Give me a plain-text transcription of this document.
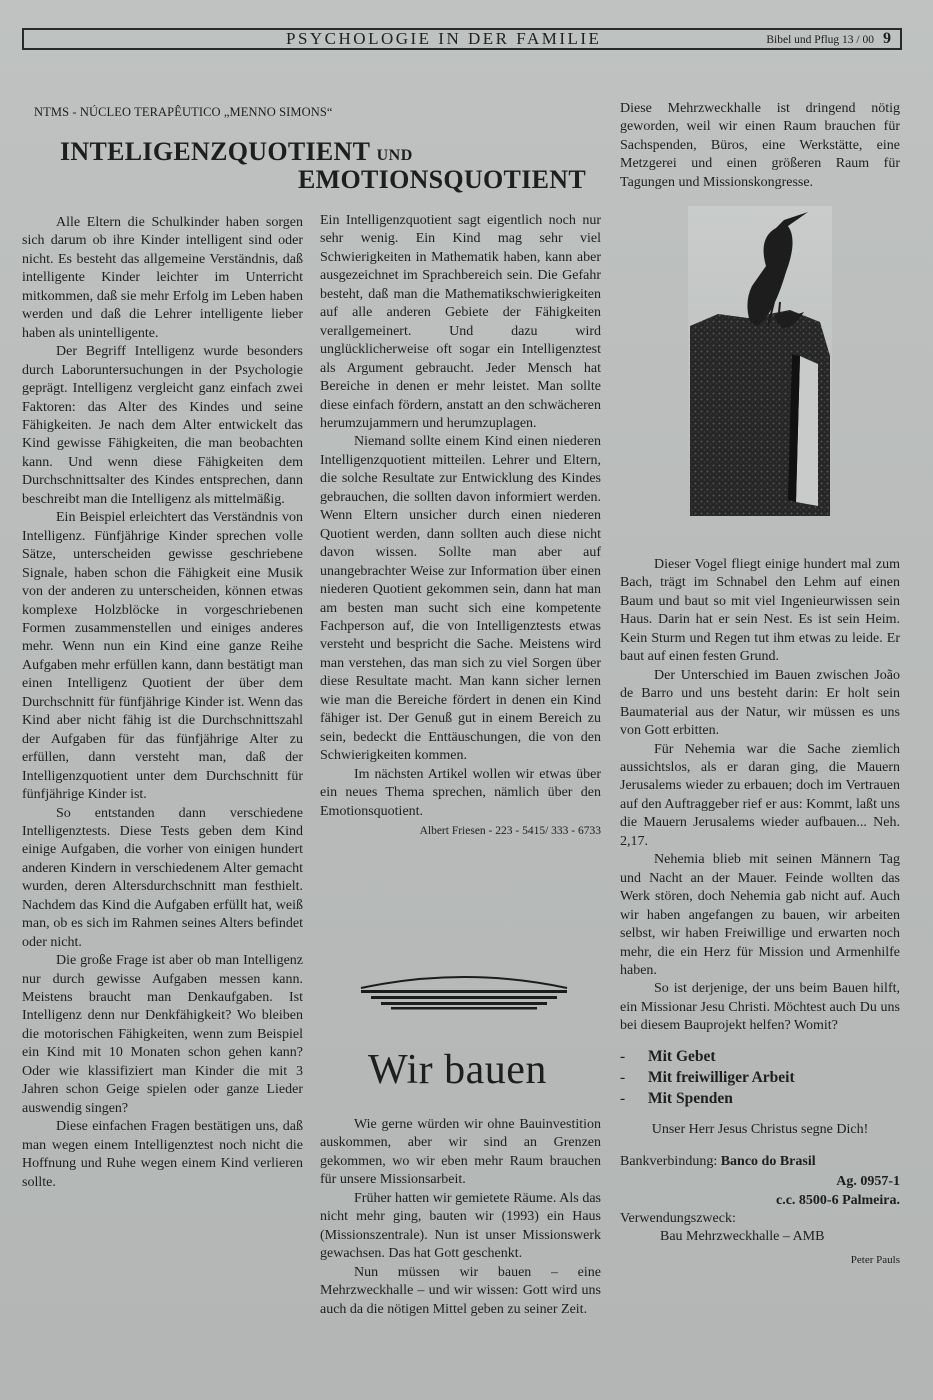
PSYCHOLOGIE IN DER FAMILIE	Bibel und Pflug 13 / 00 9
NTMS - NÚCLEO TERAPÊUTICO „MENNO SIMONS“
INTELIGENZQUOTIENT UND
EMOTIONSQUOTIENT

Alle Eltern die Schulkinder haben sorgen sich darum ob ihre Kinder intelligent sind oder nicht. Es besteht das allgemeine Verständnis, daß intelligente Kinder leichter im Unterricht mitkommen, daß sie mehr Erfolg im Leben haben werden und daß die Lehrer intelligente lieber haben als unintelligente.

Der Begriff Intelligenz wurde besonders durch Laboruntersuchungen in der Psychologie geprägt. Intelligenz vergleicht ganz einfach zwei Faktoren: das Alter des Kindes und seine Fähigkeiten. Je nach dem Alter entwickelt das Kind gewisse Fähigkeiten, die man beobachten kann. Und wenn diese Fähigkeiten dem Durchschnittsalter des Kindes entsprechen, dann beschreibt man die Intelligenz als mittelmäßig.

Ein Beispiel erleichtert das Verständnis von Intelligenz. Fünfjährige Kinder sprechen volle Sätze, unterscheiden gewisse geschriebene Signale, haben schon die Fähigkeit eine Musik von der anderen zu unterscheiden, können etwas komplexe Holzblöcke in vorgeschriebenen Formen zusammenstellen und einiges anderes mehr. Wenn nun ein Kind eine ganze Reihe Aufgaben mehr erfüllen kann, dann bestätigt man einen Intelligenz Quotient der über dem Durchschnitt für fünfjährige Kinder ist. Wenn das Kind aber nicht fähig ist die Durchschnittszahl der Aufgaben für das fünfjährige Alter zu erfüllen, dann versteht man, daß der Intelligenzquotient unter dem Durchschnitt für fünfjährige Kinder ist.

So entstanden dann verschiedene Intelligenztests. Diese Tests geben dem Kind einige Aufgaben, die vorher von einigen hundert anderen Kindern in verschiedenem Alter gemacht wurden, deren Altersdurchschnitt man festhielt. Nachdem das Kind die Aufgaben erfüllt hat, weiß man, ob es sich im Rahmen seines Alters befindet oder nicht.

Die große Frage ist aber ob man Intelligenz nur durch gewisse Aufgaben messen kann. Meistens braucht man Denkaufgaben. Ist Intelligenz denn nur Denkfähigkeit? Wo bleiben die motorischen Fähigkeiten, wenn zum Beispiel ein Kind mit 10 Monaten schon gehen kann? Oder wie klassifiziert man Kinder die mit 3 Jahren schon Geige spielen oder ganze Lieder auswendig singen?

Diese einfachen Fragen bestätigen uns, daß man wegen einem Intelligenztest noch nicht die Hoffnung und Ruhe wegen einem Kind verlieren sollte.

Ein Intelligenzquotient sagt eigentlich noch nur sehr wenig. Ein Kind mag sehr viel Schwierigkeiten in Mathematik haben, kann aber ausgezeichnet im Sprachbereich sein. Die Gefahr besteht, daß man die Mathematikschwierigkeiten auf alle anderen Gebiete der Fähigkeiten verallgemeinert. Und dazu wird unglücklicherweise oft sogar ein Intelligenztest als Argument gebraucht. Jeder Mensch hat Bereiche in denen er mehr leistet. Man sollte diese einfach fördern, anstatt an den schwächeren herumzujammern und herumzuplagen.

Niemand sollte einem Kind einen niederen Intelligenzquotient mitteilen. Lehrer und Eltern, die solche Resultate zur Entwicklung des Kindes gebrauchen, die sollten davon informiert werden. Wenn Eltern unsicher durch einen niederen Quotient werden, dann sollten auch diese nicht davon wissen. Sollte man aber auf unangebrachter Weise zur Information über einen niederen Quotient gekommen sein, dann hat man am besten man sucht sich eine kompetente Fachperson auf, die von Intelligenztests etwas versteht und bespricht die Sache. Meistens wird man verstehen, das man sich zu viel Sorgen über diese Resultate macht. Man kann sicher lernen wie man die Bereiche fördert in denen ein Kind fähiger ist. Der Genuß gut in einem Bereich zu sein, bedeckt die Enttäuschungen, die von den Schwierigkeiten kommen.

Im nächsten Artikel wollen wir etwas über ein neues Thema sprechen, nämlich über den Emotionsquotient.

Albert Friesen - 223 - 5415/ 333 - 6733
Wir bauen

Wie gerne würden wir ohne Bauinvestition auskommen, aber wir sind an Grenzen gekommen, wo wir eben mehr Raum brauchen für unsere Missionsarbeit.

Früher hatten wir gemietete Räume. Als das nicht mehr ging, bauten wir (1993) ein Haus (Missionszentrale). Nun ist unser Missionswerk gewachsen. Das hat Gott geschenkt.

Nun müssen wir bauen – eine Mehrzweckhalle – und wir wissen: Gott wird uns auch da die nötigen Mittel geben zu seiner Zeit.

Diese Mehrzweckhalle ist dringend nötig geworden, weil wir einen Raum brauchen für Sachspenden, Büros, eine Werkstätte, eine Metzgerei und einen größeren Raum für Tagungen und Missionskongresse.

Dieser Vogel fliegt einige hundert mal zum Bach, trägt im Schnabel den Lehm auf einen Baum und baut so mit viel Ingenieurwissen sein Haus. Darin hat er sein Nest. Es ist sein Heim. Kein Sturm und Regen tut ihm etwas zu leide. Er baut auf einen festen Grund.

Der Unterschied im Bauen zwischen João de Barro und uns besteht darin: Er holt sein Baumaterial aus der Natur, wir müssen es uns von Gott erbitten.

Für Nehemia war die Sache ziemlich aussichtslos, als er daran ging, die Mauern Jerusalems wieder zu erbauen; doch im Vertrauen auf den Auftraggeber rief er aus: Kommt, laßt uns die Mauern Jerusalems wieder aufbauen... Neh. 2,17.

Nehemia blieb mit seinen Männern Tag und Nacht an der Mauer. Feinde wollten das Werk stören, doch Nehemia gab nicht auf. Auch wir haben angefangen zu bauen, wir arbeiten selbst, wir haben Freiwillige und erwarten noch mehr, die ein Herz für Mission und Armenhilfe haben.

So ist derjenige, der uns beim Bauen hilft, ein Missionar Jesu Christi. Möchtest auch Du uns bei diesem Bauprojekt helfen? Womit?

- Mit Gebet
- Mit freiwilliger Arbeit
- Mit Spenden

Unser Herr Jesus Christus segne Dich!

Bankverbindung: Banco do Brasil
Ag. 0957-1
c.c. 8500-6 Palmeira.
Verwendungszweck:
Bau Mehrzweckhalle – AMB
Peter Pauls
